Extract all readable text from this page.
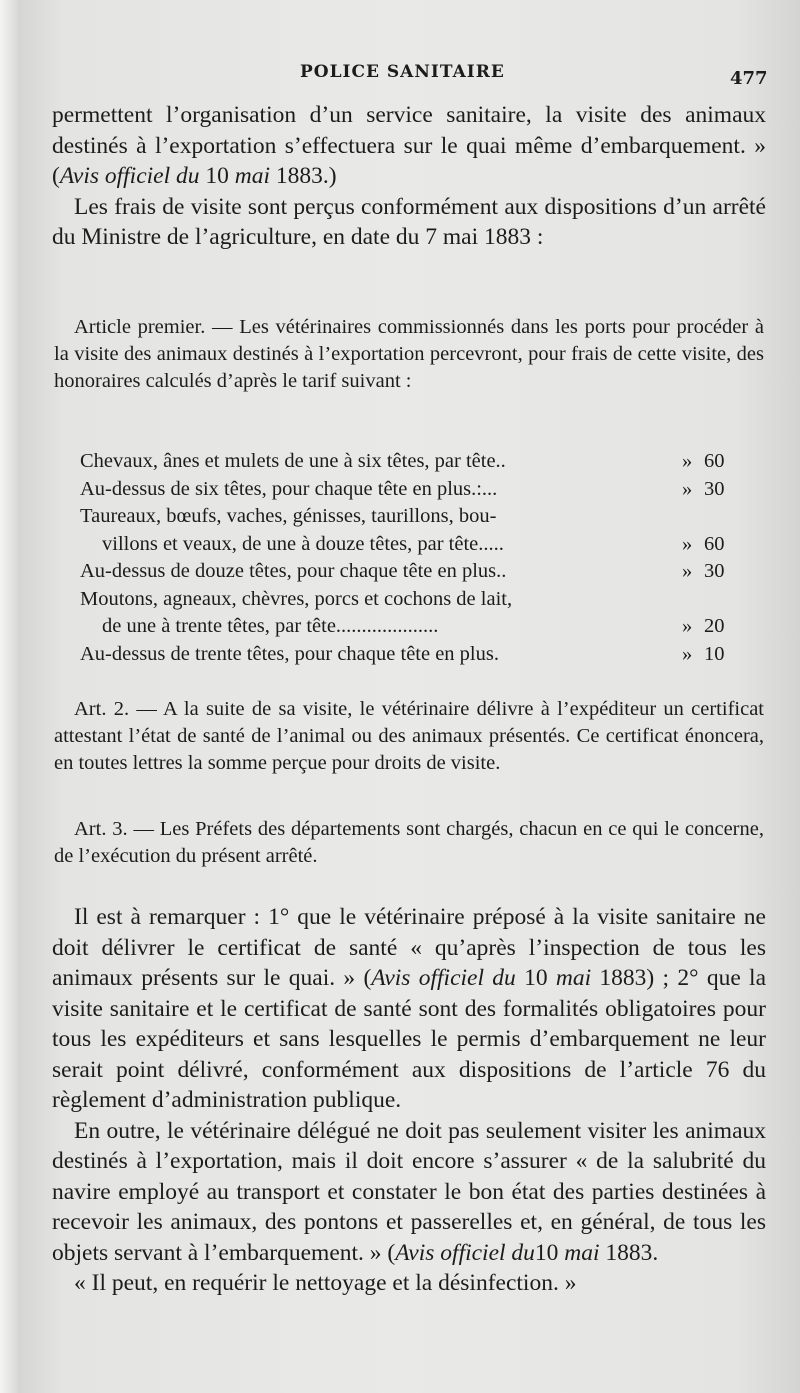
POLICE SANITAIRE	477

permettent l’organisation d’un service sanitaire, la visite des animaux destinés à l’exportation s’effectuera sur le quai même d’embarquement. » (Avis officiel du 10 mai 1883.)

Les frais de visite sont perçus conformément aux dispositions d’un arrêté du Ministre de l’agriculture, en date du 7 mai 1883 :

Article premier. — Les vétérinaires commissionnés dans les ports pour procéder à la visite des animaux destinés à l’exportation percevront, pour frais de cette visite, des honoraires calculés d’après le tarif suivant :

Chevaux, ânes et mulets de une à six têtes, par tête..	» 60
Au-dessus de six têtes, pour chaque tête en plus.:...	» 30
Taureaux, bœufs, vaches, génisses, taurillons, bou-
villons et veaux, de une à douze têtes, par tête.....	» 60
Au-dessus de douze têtes, pour chaque tête en plus..	» 30
Moutons, agneaux, chèvres, porcs et cochons de lait,
de une à trente têtes, par tête....................	» 20
Au-dessus de trente têtes, pour chaque tête en plus.	» 10

Art. 2. — A la suite de sa visite, le vétérinaire délivre à l’expéditeur un certificat attestant l’état de santé de l’animal ou des animaux présentés. Ce certificat énoncera, en toutes lettres la somme perçue pour droits de visite.

Art. 3. — Les Préfets des départements sont chargés, chacun en ce qui le concerne, de l’exécution du présent arrêté.

Il est à remarquer : 1° que le vétérinaire préposé à la visite sanitaire ne doit délivrer le certificat de santé « qu’après l’inspection de tous les animaux présents sur le quai. » (Avis officiel du 10 mai 1883) ; 2° que la visite sanitaire et le certificat de santé sont des formalités obligatoires pour tous les expéditeurs et sans lesquelles le permis d’embarquement ne leur serait point délivré, conformément aux dispositions de l’article 76 du règlement d’administration publique.

En outre, le vétérinaire délégué ne doit pas seulement visiter les animaux destinés à l’exportation, mais il doit encore s’assurer « de la salubrité du navire employé au transport et constater le bon état des parties destinées à recevoir les animaux, des pontons et passerelles et, en général, de tous les objets servant à l’embarquement. » (Avis officiel du10 mai 1883.

« Il peut, en requérir le nettoyage et la désinfection. »
